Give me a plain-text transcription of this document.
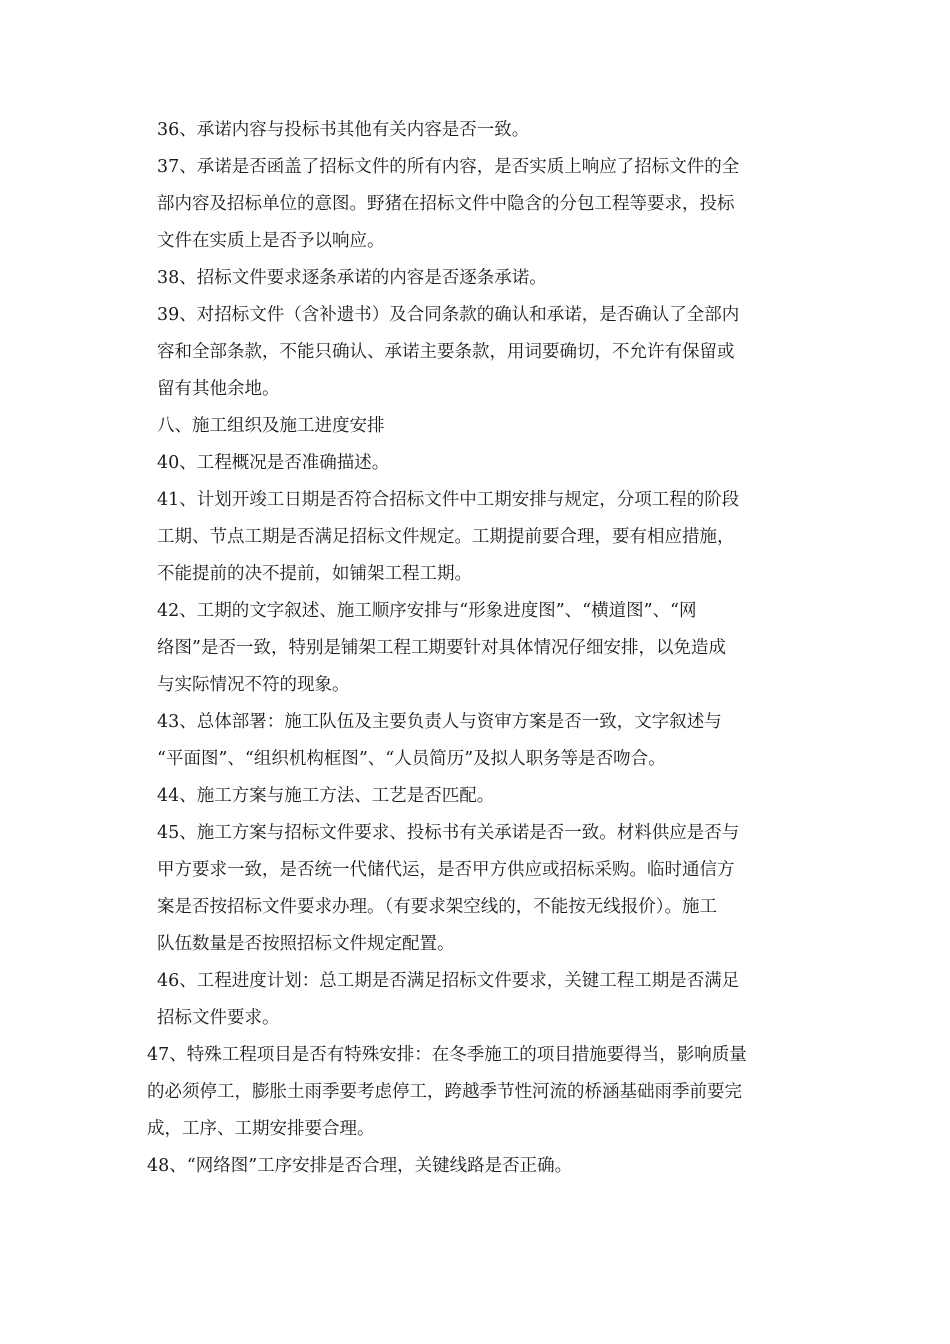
36、承诺内容与投标书其他有关内容是否一致。
37、承诺是否函盖了招标文件的所有内容，是否实质上响应了招标文件的全
部内容及招标单位的意图。野猪在招标文件中隐含的分包工程等要求，投标
文件在实质上是否予以响应。
38、招标文件要求逐条承诺的内容是否逐条承诺。
39、对招标文件（含补遗书）及合同条款的确认和承诺，是否确认了全部内
容和全部条款，不能只确认、承诺主要条款，用词要确切，不允许有保留或
留有其他余地。
八、施工组织及施工进度安排
40、工程概况是否准确描述。
41、计划开竣工日期是否符合招标文件中工期安排与规定，分项工程的阶段
工期、节点工期是否满足招标文件规定。工期提前要合理，要有相应措施，
不能提前的决不提前，如铺架工程工期。
42、工期的文字叙述、施工顺序安排与“形象进度图”、“横道图”、“网
络图”是否一致，特别是铺架工程工期要针对具体情况仔细安排，以免造成
与实际情况不符的现象。
43、总体部署：施工队伍及主要负责人与资审方案是否一致，文字叙述与
“平面图”、“组织机构框图”、“人员简历”及拟人职务等是否吻合。
44、施工方案与施工方法、工艺是否匹配。
45、施工方案与招标文件要求、投标书有关承诺是否一致。材料供应是否与
甲方要求一致，是否统一代储代运，是否甲方供应或招标采购。临时通信方
案是否按招标文件要求办理。（有要求架空线的，不能按无线报价）。施工
队伍数量是否按照招标文件规定配置。
46、工程进度计划：总工期是否满足招标文件要求，关键工程工期是否满足
招标文件要求。
47、特殊工程项目是否有特殊安排：在冬季施工的项目措施要得当，影响质量
的必须停工，膨胀土雨季要考虑停工，跨越季节性河流的桥涵基础雨季前要完
成，工序、工期安排要合理。
48、“网络图”工序安排是否合理，关键线路是否正确。
